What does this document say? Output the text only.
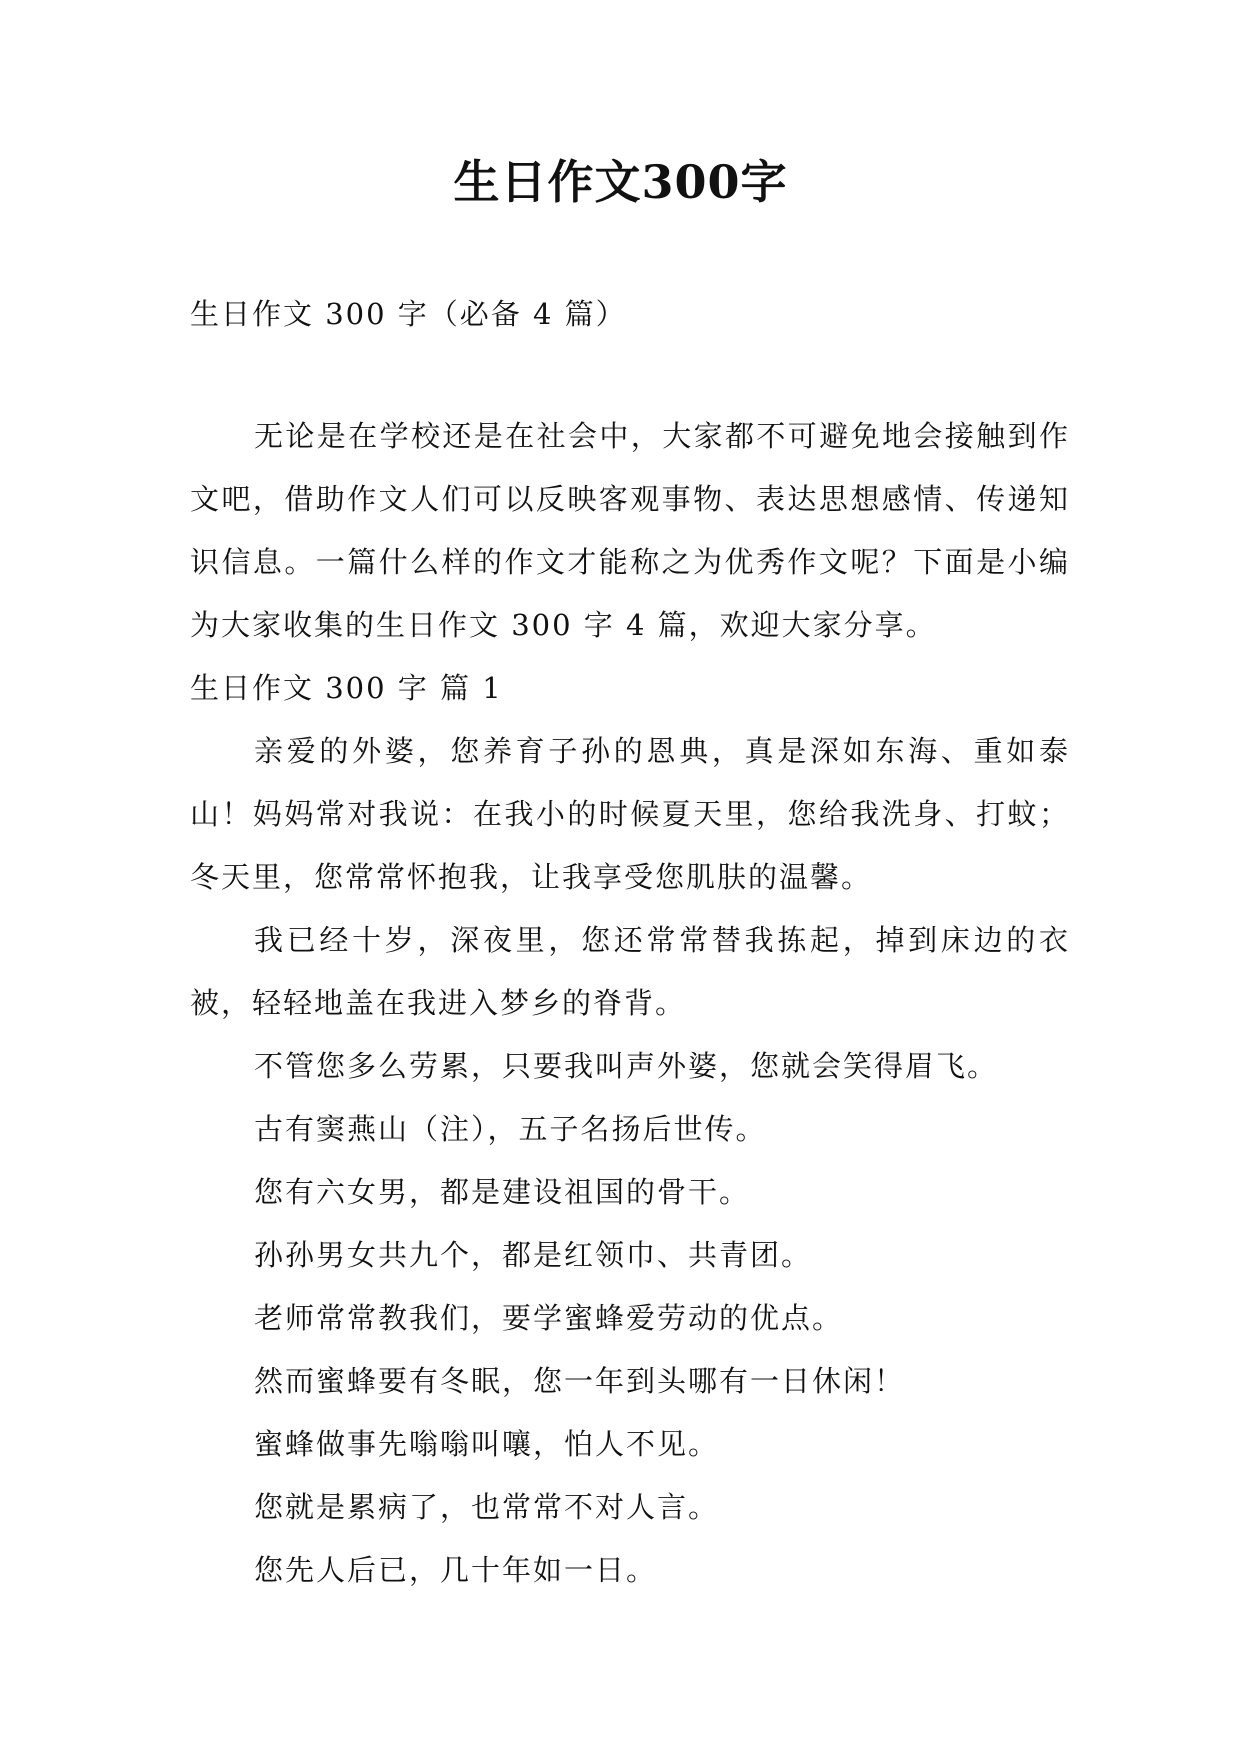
生日作文300字
生日作文 300 字（必备 4 篇）

无论是在学校还是在社会中，大家都不可避免地会接触到作文吧，借助作文人们可以反映客观事物、表达思想感情、传递知识信息。一篇什么样的作文才能称之为优秀作文呢？下面是小编为大家收集的生日作文 300 字 4 篇，欢迎大家分享。

生日作文 300 字 篇 1

亲爱的外婆，您养育子孙的恩典，真是深如东海、重如泰山！妈妈常对我说：在我小的时候夏天里，您给我洗身、打蚊；冬天里，您常常怀抱我，让我享受您肌肤的温馨。

我已经十岁，深夜里，您还常常替我拣起，掉到床边的衣被，轻轻地盖在我进入梦乡的脊背。

不管您多么劳累，只要我叫声外婆，您就会笑得眉飞。

古有窦燕山（注），五子名扬后世传。

您有六女男，都是建设祖国的骨干。

孙孙男女共九个，都是红领巾、共青团。

老师常常教我们，要学蜜蜂爱劳动的优点。

然而蜜蜂要有冬眠，您一年到头哪有一日休闲！

蜜蜂做事先嗡嗡叫嚷，怕人不见。

您就是累病了，也常常不对人言。

您先人后已，几十年如一日。
